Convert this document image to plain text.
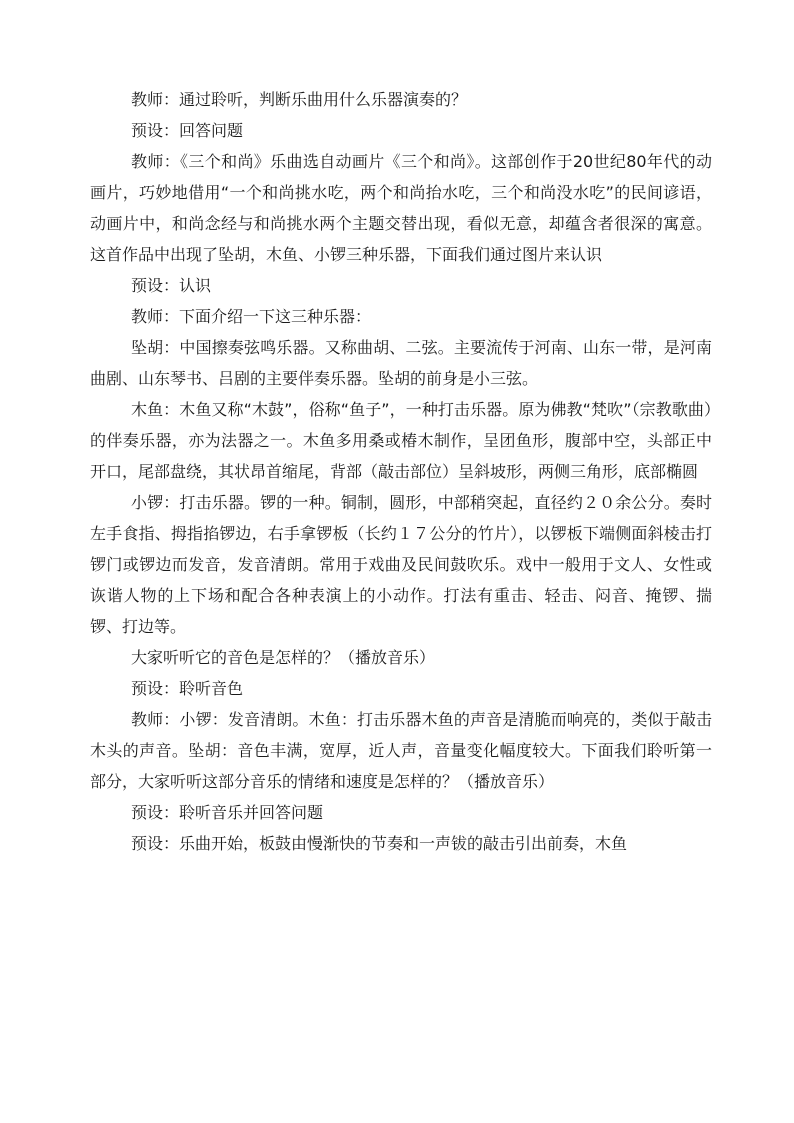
教师：通过聆听，判断乐曲用什么乐器演奏的？

预设：回答问题

教师：《三个和尚》乐曲选自动画片《三个和尚》。这部创作于20世纪80年代的动画片，巧妙地借用“一个和尚挑水吃，两个和尚抬水吃，三个和尚没水吃”的民间谚语，动画片中，和尚念经与和尚挑水两个主题交替出现，看似无意，却蕴含者很深的寓意。这首作品中出现了坠胡，木鱼、小锣三种乐器，下面我们通过图片来认识

预设：认识

教师：下面介绍一下这三种乐器：

坠胡：中国擦奏弦鸣乐器。又称曲胡、二弦。主要流传于河南、山东一带，是河南曲剧、山东琴书、吕剧的主要伴奏乐器。坠胡的前身是小三弦。

木鱼：木鱼又称“木鼓”，俗称“鱼子”，一种打击乐器。原为佛教“梵吹”（宗教歌曲）的伴奏乐器，亦为法器之一。木鱼多用桑或椿木制作，呈团鱼形，腹部中空，头部正中开口，尾部盘绕，其状昂首缩尾，背部（敲击部位）呈斜坡形，两侧三角形，底部椭圆

小锣：打击乐器。锣的一种。铜制，圆形，中部稍突起，直径约２０余公分。奏时左手食指、拇指掐锣边，右手拿锣板（长约１７公分的竹片），以锣板下端侧面斜棱击打锣门或锣边而发音，发音清朗。常用于戏曲及民间鼓吹乐。戏中一般用于文人、女性或诙谐人物的上下场和配合各种表演上的小动作。打法有重击、轻击、闷音、掩锣、揣锣、打边等。

大家听听它的音色是怎样的？（播放音乐）

预设：聆听音色

教师：小锣：发音清朗。木鱼：打击乐器木鱼的声音是清脆而响亮的，类似于敲击木头的声音。坠胡：音色丰满，宽厚，近人声，音量变化幅度较大。下面我们聆听第一部分，大家听听这部分音乐的情绪和速度是怎样的？（播放音乐）

预设：聆听音乐并回答问题

预设：乐曲开始，板鼓由慢渐快的节奏和一声钹的敲击引出前奏，木鱼
